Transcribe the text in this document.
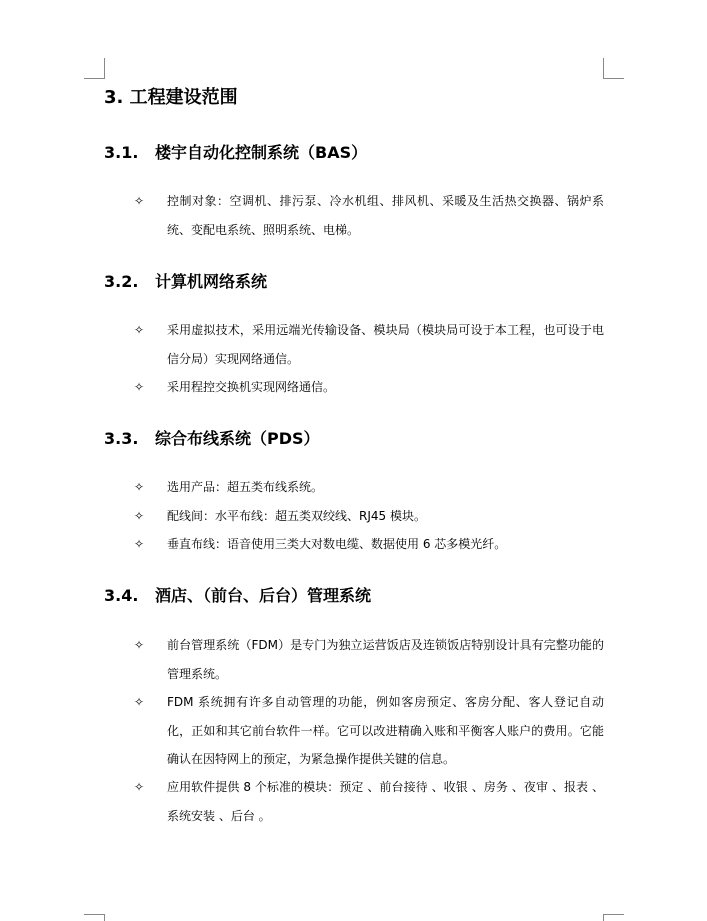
3. 工程建设范围
3.1. 楼宇自动化控制系统（BAS）
✧	控制对象：空调机、排污泵、冷水机组、排风机、采暖及生活热交换器、锅炉系统、变配电系统、照明系统、电梯。
3.2. 计算机网络系统
✧	采用虚拟技术，采用远端光传输设备、模块局（模块局可设于本工程，也可设于电信分局）实现网络通信。
✧	采用程控交换机实现网络通信。
3.3. 综合布线系统（PDS）
✧	选用产品：超五类布线系统。
✧	配线间：水平布线：超五类双绞线、RJ45 模块。
✧	垂直布线：语音使用三类大对数电缆、数据使用 6 芯多模光纤。
3.4. 酒店、（前台、后台）管理系统
✧	前台管理系统（FDM）是专门为独立运营饭店及连锁饭店特别设计具有完整功能的管理系统。
✧	FDM 系统拥有许多自动管理的功能，例如客房预定、客房分配、客人登记自动化，正如和其它前台软件一样。它可以改进精确入账和平衡客人账户的费用。它能确认在因特网上的预定，为紧急操作提供关键的信息。
✧	应用软件提供 8 个标准的模块：预定 、前台接待 、收银 、房务 、夜审 、报表 、系统安装 、后台 。
